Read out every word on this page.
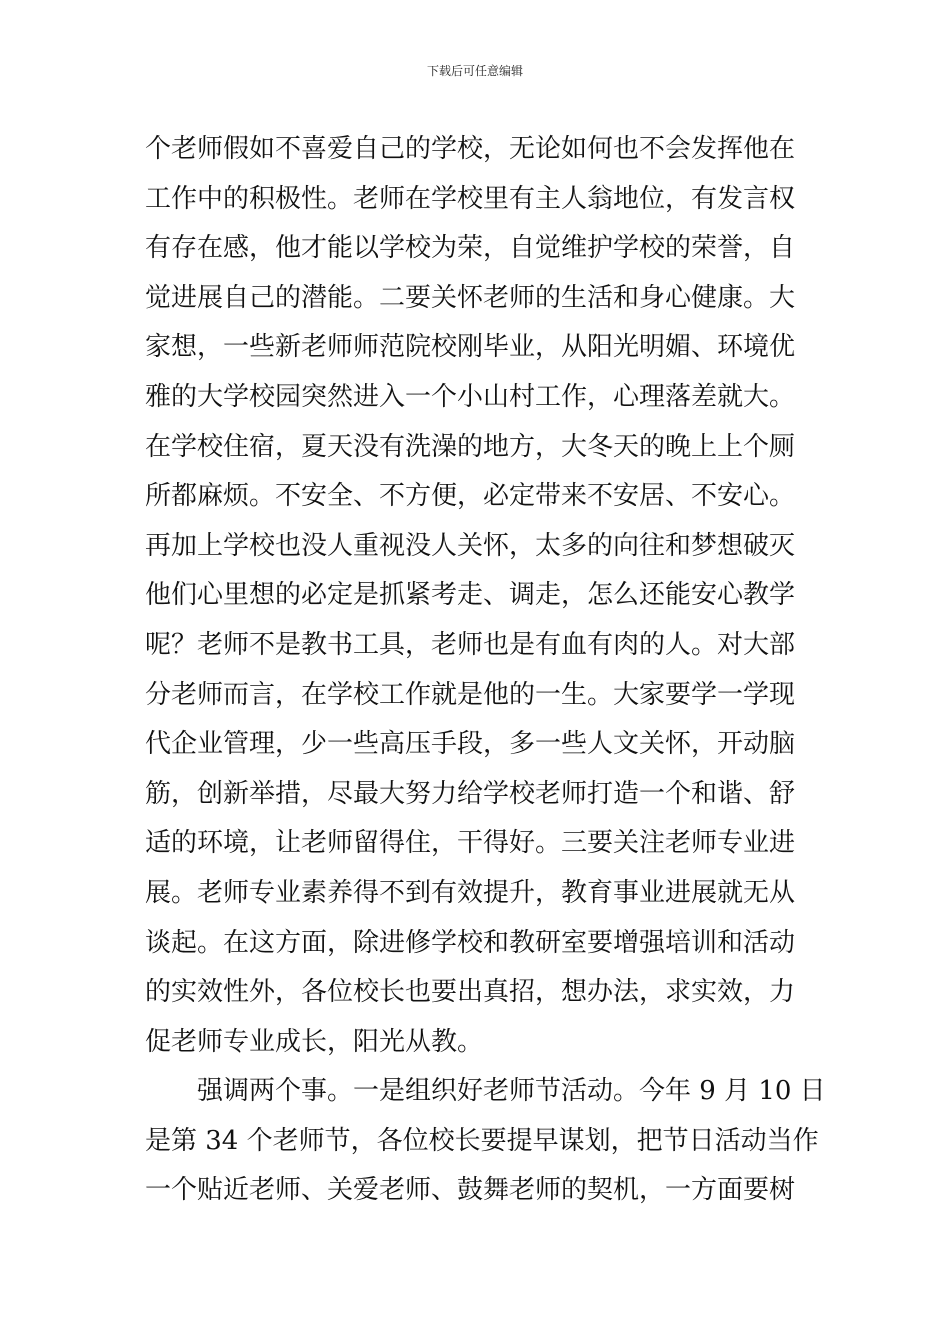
下载后可任意编辑
个老师假如不喜爱自己的学校，无论如何也不会发挥他在
工作中的积极性。老师在学校里有主人翁地位，有发言权
有存在感，他才能以学校为荣，自觉维护学校的荣誉，自
觉进展自己的潜能。二要关怀老师的生活和身心健康。大
家想，一些新老师师范院校刚毕业，从阳光明媚、环境优
雅的大学校园突然进入一个小山村工作，心理落差就大。
在学校住宿，夏天没有洗澡的地方，大冬天的晚上上个厕
所都麻烦。不安全、不方便，必定带来不安居、不安心。
再加上学校也没人重视没人关怀，太多的向往和梦想破灭
他们心里想的必定是抓紧考走、调走，怎么还能安心教学
呢？老师不是教书工具，老师也是有血有肉的人。对大部
分老师而言，在学校工作就是他的一生。大家要学一学现
代企业管理，少一些高压手段，多一些人文关怀，开动脑
筋，创新举措，尽最大努力给学校老师打造一个和谐、舒
适的环境，让老师留得住，干得好。三要关注老师专业进
展。老师专业素养得不到有效提升，教育事业进展就无从
谈起。在这方面，除进修学校和教研室要增强培训和活动
的实效性外，各位校长也要出真招，想办法，求实效，力
促老师专业成长，阳光从教。
强调两个事。一是组织好老师节活动。今年 9 月 10 日
是第 34 个老师节，各位校长要提早谋划，把节日活动当作
一个贴近老师、关爱老师、鼓舞老师的契机，一方面要树
